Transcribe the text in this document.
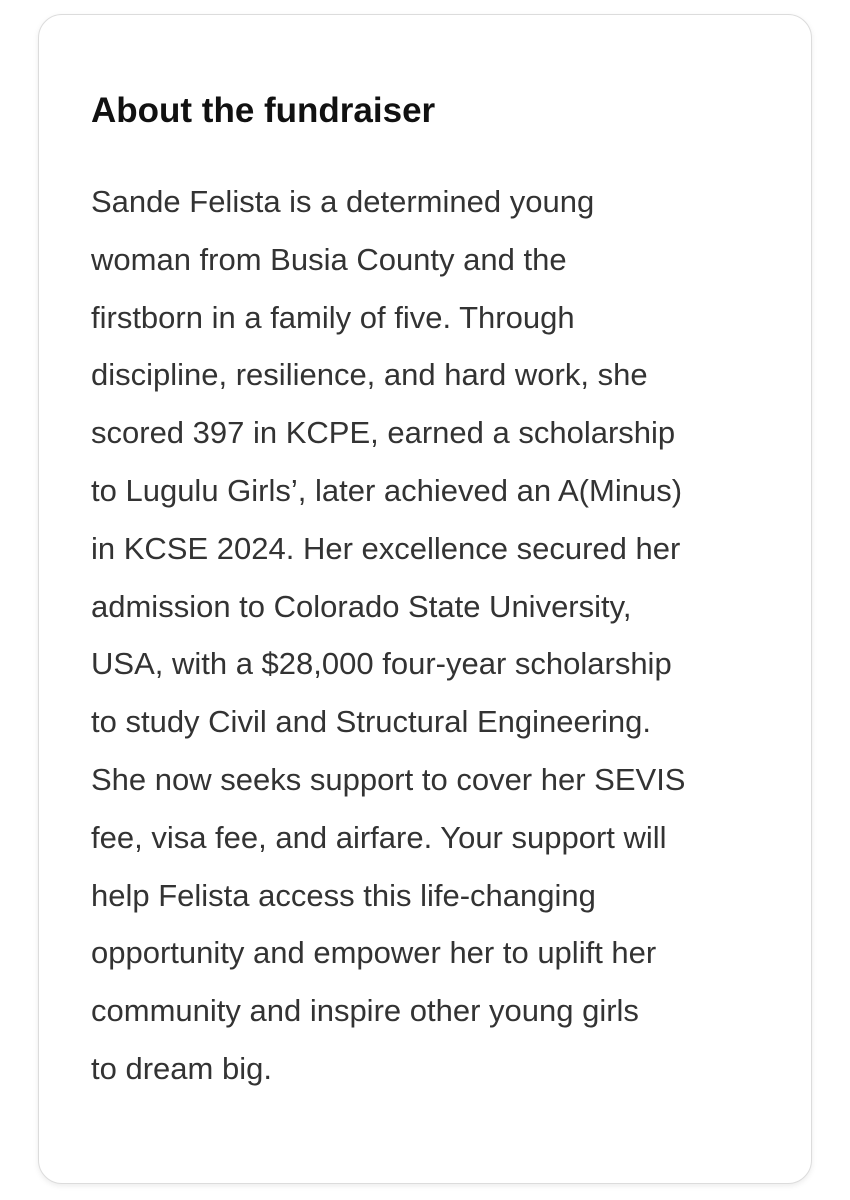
About the fundraiser
Sande Felista is a determined young
woman from Busia County and the
firstborn in a family of five. Through
discipline, resilience, and hard work, she
scored 397 in KCPE, earned a scholarship
to Lugulu Girls’, later achieved an A(Minus)
in KCSE 2024. Her excellence secured her
admission to Colorado State University,
USA, with a $28,000 four-year scholarship
to study Civil and Structural Engineering.
She now seeks support to cover her SEVIS
fee, visa fee, and airfare. Your support will
help Felista access this life-changing
opportunity and empower her to uplift her
community and inspire other young girls
to dream big.
